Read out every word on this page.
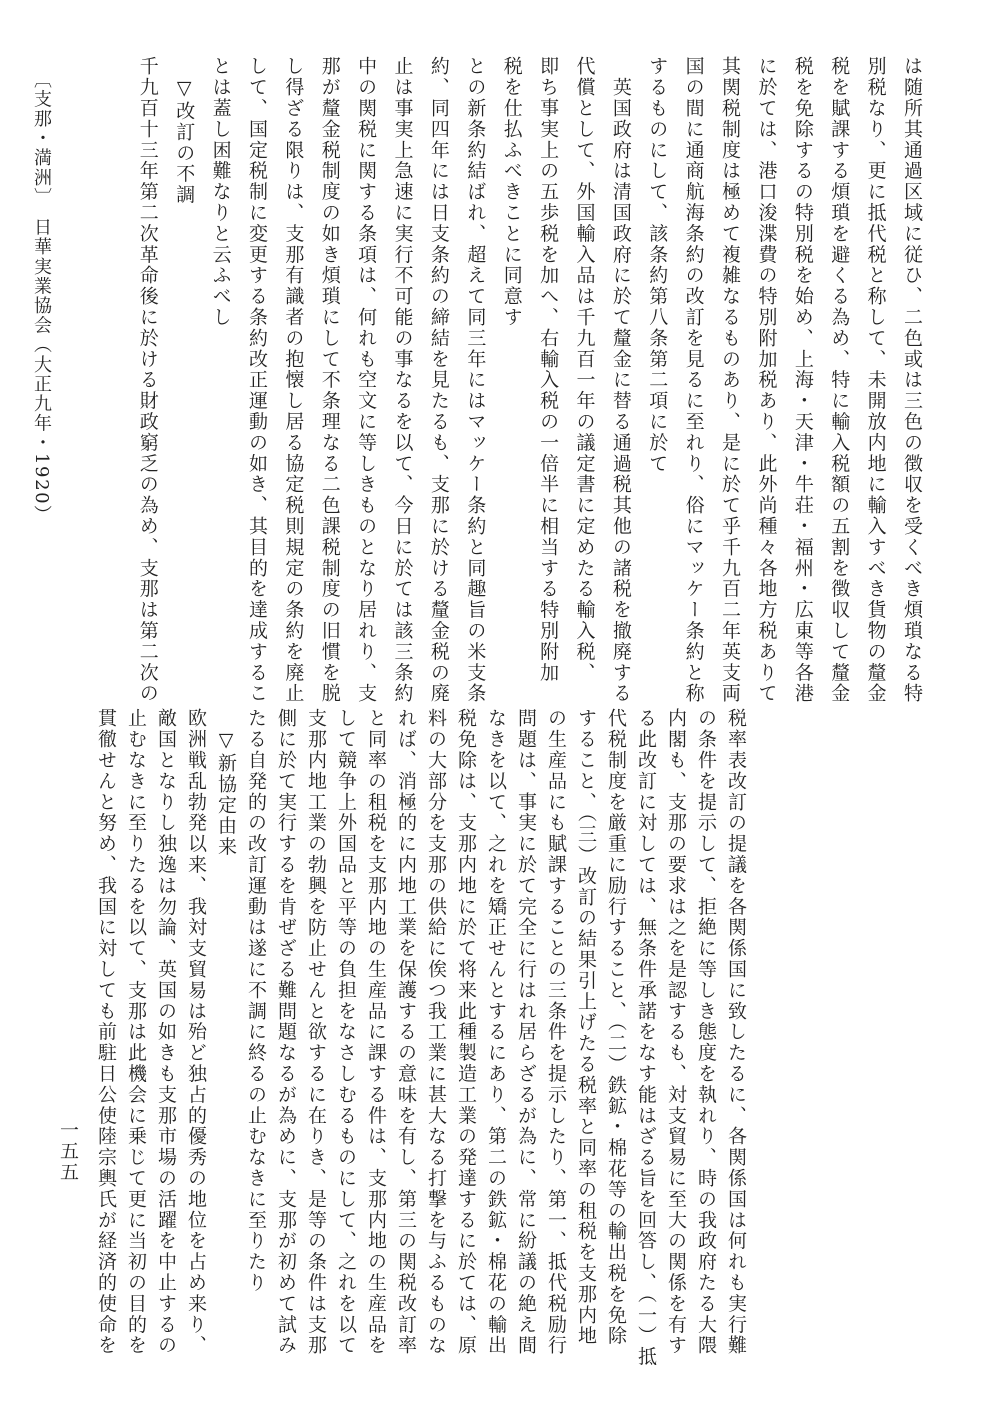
は随所其通過区域に従ひ、二色或は三色の徴収を受くべき煩瑣なる特
別税なり、更に抵代税と称して、未開放内地に輸入すべき貨物の釐金
税を賦課する煩瑣を避くる為め、特に輸入税額の五割を徴収して釐金
税を免除するの特別税を始め、上海・天津・牛荘・福州・広東等各港
に於ては、港口浚渫費の特別附加税あり、此外尚種々各地方税ありて
其関税制度は極めて複雑なるものあり、是に於て乎千九百二年英支両
国の間に通商航海条約の改訂を見るに至れり、俗にマッケー条約と称
するものにして、該条約第八条第二項に於て
　英国政府は清国政府に於て釐金に替る通過税其他の諸税を撤廃する
代償として、外国輸入品は千九百一年の議定書に定めたる輸入税、
即ち事実上の五歩税を加へ、右輸入税の一倍半に相当する特別附加
税を仕払ふべきことに同意す
との新条約結ばれ、超えて同三年にはマッケー条約と同趣旨の米支条
約、同四年には日支条約の締結を見たるも、支那に於ける釐金税の廃
止は事実上急速に実行不可能の事なるを以て、今日に於ては該三条約
中の関税に関する条項は、何れも空文に等しきものとなり居れり、支
那が釐金税制度の如き煩瑣にして不条理なる二色課税制度の旧慣を脱
し得ざる限りは、支那有識者の抱懐し居る協定税則規定の条約を廃止
して、国定税制に変更する条約改正運動の如き、其目的を達成するこ
とは蓋し困難なりと云ふべし
　▽改訂の不調
千九百十三年第二次革命後に於ける財政窮乏の為め、支那は第二次の
税率表改訂の提議を各関係国に致したるに、各関係国は何れも実行難
の条件を提示して、拒絶に等しき態度を執れり、時の我政府たる大隈
内閣も、支那の要求は之を是認するも、対支貿易に至大の関係を有す
る此改訂に対しては、無条件承諾をなす能はざる旨を回答し、（一）抵
代税制度を厳重に励行すること、（二）鉄鉱・棉花等の輸出税を免除
すること、（三）改訂の結果引上げたる税率と同率の租税を支那内地
の生産品にも賦課することの三条件を提示したり、第一、抵代税励行
問題は、事実に於て完全に行はれ居らざるが為に、常に紛議の絶え間
なきを以て、之れを矯正せんとするにあり、第二の鉄鉱・棉花の輸出
税免除は、支那内地に於て将来此種製造工業の発達するに於ては、原
料の大部分を支那の供給に俟つ我工業に甚大なる打撃を与ふるものな
れば、消極的に内地工業を保護するの意味を有し、第三の関税改訂率
と同率の租税を支那内地の生産品に課する件は、支那内地の生産品を
して競争上外国品と平等の負担をなさしむるものにして、之れを以て
支那内地工業の勃興を防止せんと欲するに在りき、是等の条件は支那
側に於て実行するを肯ぜざる難問題なるが為めに、支那が初めて試み
たる自発的の改訂運動は遂に不調に終るの止むなきに至りたり
　▽新協定由来
欧洲戦乱勃発以来、我対支貿易は殆ど独占的優秀の地位を占め来り、
敵国となりし独逸は勿論、英国の如きも支那市場の活躍を中止するの
止むなきに至りたるを以て、支那は此機会に乗じて更に当初の目的を
貫徹せんと努め、我国に対しても前駐日公使陸宗輿氏が経済的使命を
〔支那・満洲〕　日華実業協会（大正九年・1920）
一五五
